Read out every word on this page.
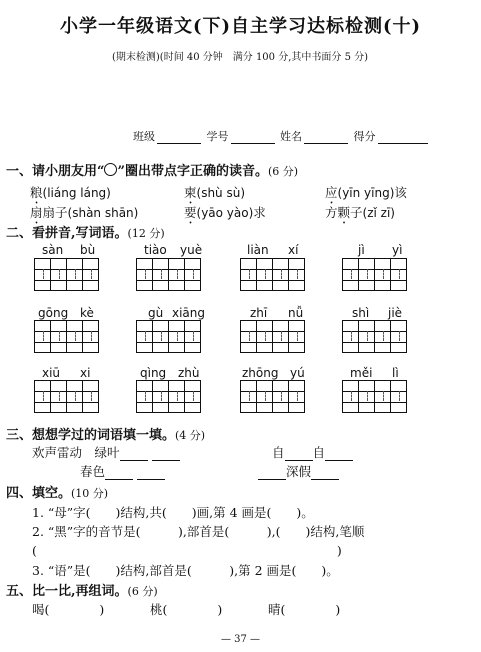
小学一年级语文(下)自主学习达标检测(十)
(期末检测)(时间 40 分钟　满分 100 分,其中书面分 5 分)
班级	学号	姓名	得分
一、请小朋友用“ ”圈出带点字正确的读音。(6 分)
粮(liáng láng)	柬(shù sù)	应(yīn yīng)该
扇扇子(shàn shān)	要(yāo yào)求	方颗子(zǐ zī)
二、看拼音,写词语。(12 分)
sàn bù	tiào yuè	liàn xí	jì yì
gōng kè	gù xiāng	zhī nǚ	shì jiè
xiū xi	qìng zhù	zhōng yú	měi lì
三、想想学过的词语填一填。(4 分)
欢声雷动　 绿叶	自 自
春色	深假
四、填空。(10 分)
1. “母”字(　　)结构,共(　　)画,第 4 画是(　　)。
2. “黑”字的音节是(　　　),部首是(　　　),(　　)结构,笔顺
(　　　　　　　　　　　　　　　　　　　　　　　　)
3. “语”是(　　)结构,部首是(　　　),第 2 画是(　　)。
五、比一比,再组词。(6 分)
喝(　　　　)	桃(　　　　)	晴(　　　　)
— 37 —
